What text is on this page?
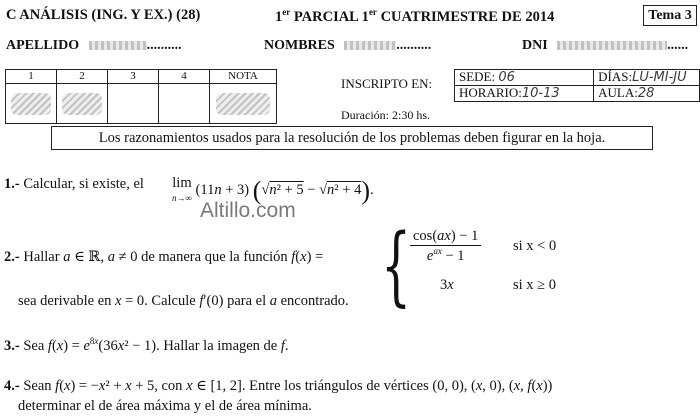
C ANÁLISIS (ING. Y EX.) (28)	1er PARCIAL 1er CUATRIMESTRE DE 2014	Tema 3
APELLIDO	..........	NOMBRES	..........	DNI	......
1	2	3	4	NOTA

				INSCRIPTO EN:
Duración: 2:30 hs.
SEDE: 06	DÍAS:LU-MI-JU
HORARIO:10-13	AULA:28
Los razonamientos usados para la resolución de los problemas deben figurar en la hoja.
1.- Calcular, si existe, el lim
n→∞ (11n + 3) (√n² + 5 − √n² + 4).
Altillo.com
2.- Hallar a ∈ ℝ, a ≠ 0 de manera que la función f(x) = {
$\frac{\cos(ax) - 1}{e^{ax} - 1}$ si x < 0
3x	si x ≥ 0
sea derivable en x = 0. Calcule f′(0) para el a encontrado.
3.- Sea $f(x) = e^{8x}(36x^2 - 1)$. Hallar la imagen de f.
4.- Sean f(x) = −x² + x + 5, con x ∈ [1, 2]. Entre los triángulos de vértices (0, 0), (x, 0), (x, f(x))
determinar el de área máxima y el de área mínima.
